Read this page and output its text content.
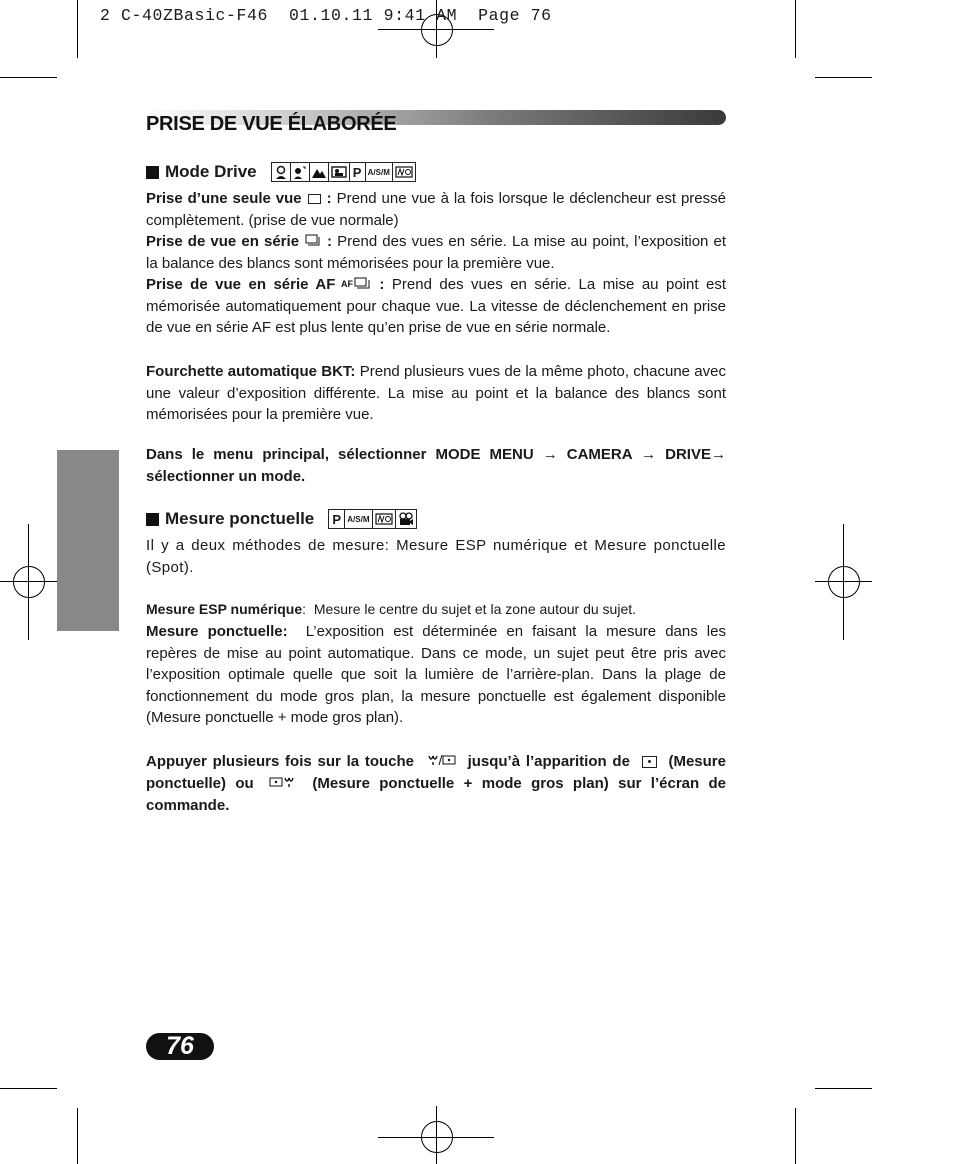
2 C-40ZBasic-F46 01.10.11 9:41 AM Page 76
PRISE DE VUE ÉLABORÉE
Mode Drive	P A/S/M
Prise d’une seule vue : Prend une vue à la fois lorsque le déclencheur est pressé complètement. (prise de vue normale)
Prise de vue en série : Prend des vues en série. La mise au point, l’exposition et la balance des blancs sont mémorisées pour la première vue.
Prise de vue en série AF AF : Prend des vues en série. La mise au point est mémorisée automatiquement pour chaque vue. La vitesse de déclenchement en prise de vue en série AF est plus lente qu’en prise de vue en série normale.
Fourchette automatique BKT: Prend plusieurs vues de la même photo, chacune avec une valeur d’exposition différente. La mise au point et la balance des blancs sont mémorisées pour la première vue.
Dans le menu principal, sélectionner MODE MENU → CAMERA → DRIVE→ sélectionner un mode.
Mesure ponctuelle P A/S/M
Il y a deux méthodes de mesure: Mesure ESP numérique et Mesure ponctuelle (Spot).
Mesure ESP numérique:  Mesure le centre du sujet et la zone autour du sujet.
Mesure ponctuelle: L’exposition est déterminée en faisant la mesure dans les repères de mise au point automatique. Dans ce mode, un sujet peut être pris avec l’exposition optimale quelle que soit la lumière de l’arrière-plan. Dans la plage de fonctionnement du mode gros plan, la mesure ponctuelle est également disponible (Mesure ponctuelle + mode gros plan).
Appuyer plusieurs fois sur la touche	jusqu’à l’apparition de	(Mesure ponctuelle) ou	(Mesure ponctuelle + mode gros plan) sur l’écran de commande.
76
